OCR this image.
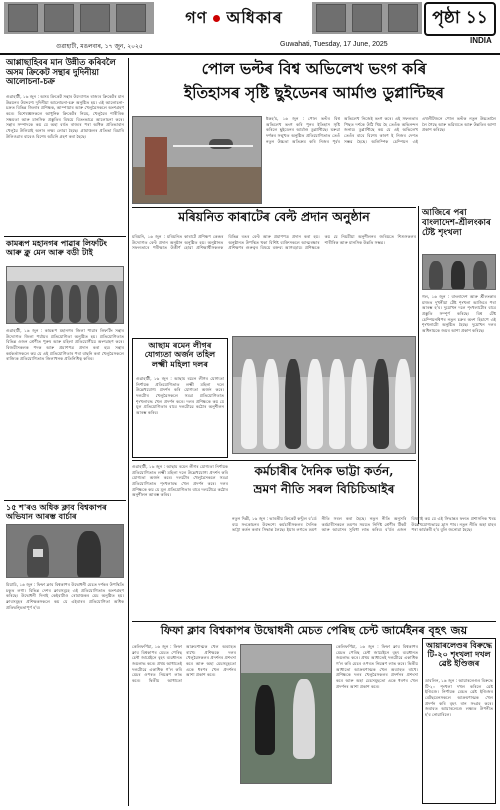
গণ অধিকাৰ	পৃষ্ঠা ১১
INDIA
গুৱাহাটী, মঙলবাৰ, ১৭ জুন, ২০২৫	Guwahati, Tuesday, 17 June, 2025
আপ্পাছাহিবৰ মান উন্নীত কৰিবলৈ অসম ক্ৰিকেট সন্থাৰ দুদিনীয়া আলোচনা-চক্ৰ

গুৱাহাটী, ১৬ জুন : অসম ক্ৰিকেট সন্থাৰ উদ্যোগত ৰাজ্যৰ ক্ৰিকেটৰ মান উন্নয়নৰ উদ্দেশ্যে দুদিনীয়া আলোচনা-চক্ৰ অনুষ্ঠিত হয়। এই আলোচনা-চক্ৰত বিভিন্ন জিলাৰ প্ৰশিক্ষক, আম্পায়াৰ আৰু খেলুৱৈসকলে অংশগ্ৰহণ কৰে। বিশেষজ্ঞসকলে আধুনিক ক্ৰিকেটৰ নিয়ম, খেলুৱৈৰ শাৰীৰিক সক্ষমতা আৰু মানসিক প্ৰস্তুতিৰ বিষয়ে বিতংভাৱে আলোচনা কৰে। সন্থাৰ সম্পাদকে কয় যে অহা বৰ্ষত ৰাজ্যৰ পৰা অধিক প্ৰতিভাবান খেলুৱৈ উলিয়াই অনাৰ লক্ষ্য লোৱা হৈছে। গ্ৰামাঞ্চলৰ প্ৰতিভা বিচাৰি উলিওৱাৰ বাবেও বিশেষ আঁচনি গ্ৰহণ কৰা হৈছে।

কামৰূপ মহানগৰ পাৱাৰ লিফটিং আৰু ক্লু মেন আৰু বডী টাই

গুৱাহাটী, ১৬ জুন : কামৰূপ মহানগৰ জিলা পাৱাৰ লিফটিং সন্থাৰ উদ্যোগত জিলা পৰ্যায়ৰ প্ৰতিযোগিতা অনুষ্ঠিত হয়। প্ৰতিযোগিতাত বিভিন্ন ওজন শ্ৰেণীত পুৰুষ আৰু মহিলা প্ৰতিযোগীয়ে অংশগ্ৰহণ কৰে। বিজয়ীসকলক পদক আৰু প্ৰমাণপত্ৰ প্ৰদান কৰা হয়। সন্থাৰ কৰ্মকৰ্তাসকলে কয় যে এই প্ৰতিযোগিতাৰ পৰা বাছনি কৰা খেলুৱৈসকলে ৰাজ্যিক প্ৰতিযোগিতাত জিলাখনক প্ৰতিনিধিত্ব কৰিব।

১৫ শ'ৰও অধিক ক্লাব বিশ্বকাপৰ অভিযান আৰম্ভ বাৰ্চাৰ

মিয়ামি, ১৬ জুন : ফিফা ক্লাব বিশ্বকাপৰ উদ্বোধনী মেচত দৰ্শকৰ উপস্থিতি চকুত লগা। বিভিন্ন দেশৰ ক্লাবসমূহে এই প্ৰতিযোগিতাত অংশগ্ৰহণ কৰিছে। উদ্বোধনী দিনাই কেইবাটাও ৰোমাঞ্চকৰ মেচ অনুষ্ঠিত হয়। ক্লাবসমূহৰ প্ৰশিক্ষকসকলে কয় যে এইবাৰৰ প্ৰতিযোগিতা অধিক প্ৰতিদ্বন্দ্বিতাপূৰ্ণ হ'ব।

পোল ভল্টৰ বিশ্ব অভিলেখ ভংগ কৰি
ইতিহাসৰ সৃষ্টি ছুইডেনৰ আৰ্মাণ্ড ডুপ্লান্টিছৰ

ষ্টকহ'ম, ১৬ জুন : পোল ভল্টৰ বিশ্ব অভিলেখ ভংগ কৰি পুনৰ ইতিহাস সৃষ্টি কৰিলে ছুইডেনৰ আৰ্মাণ্ড ডুপ্লান্টিছে। ঘৰুৱা দৰ্শকৰ সন্মুখত অনুষ্ঠিত প্ৰতিযোগিতাত তেওঁ নতুন উচ্চতা অতিক্ৰম কৰি নিজৰ পূৰ্বৰ অভিলেখ নিজেই ভংগ কৰে। এই সফলতাৰ পিছত দৰ্শকে উঠি থিয় হৈ তেওঁক অভিনন্দন জনায়। ডুপ্লান্টিছে কয় যে এই অভিলেখ তেওঁৰ বাবে বিশেষ কাৰণ ই নিজৰ দেশত সম্ভৱ হৈছে। অলিম্পিক চেম্পিয়ন এই এথলীটজনে পোল ভল্টক নতুন উচ্চতালৈ লৈ গৈছে আৰু ভৱিষ্যতে আৰু উন্নতিৰ আশা প্ৰকাশ কৰিছে।

আজিৰে পৰা বাংলাদেশ-শ্ৰীলংকাৰ টেষ্ট শৃংখলা

গল, ১৬ জুন : বাংলাদেশ আৰু শ্ৰীলংকাৰ মাজত দুখনীয়া টেষ্ট শৃংখলা আজিৰে পৰা আৰম্ভ হ'ব। দুয়োখন দলে শৃংখলাটোৰ বাবে প্ৰস্তুতি সম্পূৰ্ণ কৰিছে। বিশ্ব টেষ্ট চেম্পিয়নশ্বিপৰ নতুন চক্ৰৰ অংশ হিচাপে এই শৃংখলাটো অনুষ্ঠিত হৈছে। দুয়োখন দলৰ অধিনায়কে জয়ৰ আশা প্ৰকাশ কৰিছে।

মৰিয়নিত কাৰাটেৰ বেল্ট প্ৰদান অনুষ্ঠান

মৰিয়নি, ১৬ জুন : মৰিয়নিত কাৰাটে প্ৰশিক্ষণ কেন্দ্ৰৰ উদ্যোগত বেল্ট প্ৰদান অনুষ্ঠান অনুষ্ঠিত হয়। অনুষ্ঠানত সফলতাৰে পৰীক্ষাত উত্তীৰ্ণ হোৱা প্ৰশিক্ষাৰ্থীসকলক বিভিন্ন ৰঙৰ বেল্ট আৰু প্ৰমাণপত্ৰ প্ৰদান কৰা হয়। অনুষ্ঠানত উপস্থিত থকা বিশিষ্ট ব্যক্তিসকলে আত্মৰক্ষাৰ প্ৰশিক্ষণৰ গুৰুত্বৰ বিষয়ে বক্তব্য আগবঢ়ায়। প্ৰশিক্ষকে কয় যে নিয়মীয়া অনুশীলনৰ জৰিয়তে শিশুসকলৰ শাৰীৰিক আৰু মানসিক উন্নতি সম্ভৱ।

আছাম ৰমেন লীগৰ যোগ্যতা অৰ্জন তহিল লক্ষ্মী মহিলা দলৰ

গুৱাহাটী, ১৬ জুন : আছাম ৰমেন লীগৰ যোগ্যতা নিৰ্ণায়ক প্ৰতিযোগিতাত লক্ষ্মী মহিলা দলে উল্লেখযোগ্য প্ৰদৰ্শন কৰি যোগ্যতা অৰ্জন কৰে। দলটোৰ খেলুৱৈসকলে সমগ্ৰ প্ৰতিযোগিতাত শৃংখলাবদ্ধ খেল প্ৰদৰ্শন কৰে। দলৰ প্ৰশিক্ষকে কয় যে মূল প্ৰতিযোগিতাৰ বাবে দলটোৱে কঠোৰ অনুশীলন আৰম্ভ কৰিব।

কৰ্মচাৰীৰ দৈনিক ভাট্টা কৰ্তন,
ভ্ৰমণ নীতি সৰল বিচিচিআইৰ

নতুন দিল্লী, ১৬ জুন : ভাৰতীয় ক্ৰিকেট কণ্ট্ৰল ব'ৰ্ডে ব্যয় সংকোচনৰ উদ্দেশ্যে কৰ্মচাৰীসকলৰ দৈনিক ভাট্টা কৰ্তন কৰাৰ সিদ্ধান্ত লৈছে। ইয়াৰ লগতে ভ্ৰমণ নীতি সৰল কৰা হৈছে। নতুন নীতি অনুসৰি কৰ্মচাৰীসকলে ভ্ৰমণৰ সময়ত নিৰ্দিষ্ট শ্ৰেণীৰ টিকট আৰু আৱাসৰ সুবিধা লাভ কৰিব। ব'ৰ্ডৰ এজন বিষয়াই কয় যে এই সিদ্ধান্তৰ ফলত প্ৰশাসনিক খৰচ উল্লেখযোগ্যভাৱে হ্ৰাস পাব। নতুন নীতি অহা মাহৰ পৰা কাৰ্যকৰী হ'ব বুলি জনোৱা হৈছে।

গুৱাহাটী, ১৬ জুন : আছাম ৰমেন লীগৰ যোগ্যতা নিৰ্ণায়ক প্ৰতিযোগিতাত লক্ষ্মী মহিলা দলে উল্লেখযোগ্য প্ৰদৰ্শন কৰি যোগ্যতা অৰ্জন কৰে। দলটোৰ খেলুৱৈসকলে সমগ্ৰ প্ৰতিযোগিতাত শৃংখলাবদ্ধ খেল প্ৰদৰ্শন কৰে। দলৰ প্ৰশিক্ষকে কয় যে মূল প্ৰতিযোগিতাৰ বাবে দলটোৱে কঠোৰ অনুশীলন আৰম্ভ কৰিব।

ফিফা ক্লাব বিশ্বকাপৰ উদ্বোধনী মেচত পেৰিছ চেন্ট জাৰ্মেইনৰ বৃহৎ জয়

কেলিফৰ্ণিয়া, ১৬ জুন : ফিফা ক্লাব বিশ্বকাপৰ মেচত পেৰিছ চেন্ট জাৰ্মেইনে বৃহৎ ব্যৱধানত জয়লাভ কৰে। প্ৰথম আধাতেই দলটোৱে একাধিক গ'ল কৰি মেচৰ ওপৰত নিয়ন্ত্ৰণ লাভ কৰে। দ্বিতীয় আধাতো আক্ৰমণাত্মক খেল অব্যাহত ৰাখে। প্ৰশিক্ষকে দলৰ খেলুৱৈসকলৰ প্ৰদৰ্শনৰ প্ৰশংসা কৰে আৰু অহা মেচসমূহতো একে ধৰণৰ খেল প্ৰদৰ্শনৰ আশা প্ৰকাশ কৰে।

কেলিফৰ্ণিয়া, ১৬ জুন : ফিফা ক্লাব বিশ্বকাপৰ মেচত পেৰিছ চেন্ট জাৰ্মেইনে বৃহৎ ব্যৱধানত জয়লাভ কৰে। প্ৰথম আধাতেই দলটোৱে একাধিক গ'ল কৰি মেচৰ ওপৰত নিয়ন্ত্ৰণ লাভ কৰে। দ্বিতীয় আধাতো আক্ৰমণাত্মক খেল অব্যাহত ৰাখে। প্ৰশিক্ষকে দলৰ খেলুৱৈসকলৰ প্ৰদৰ্শনৰ প্ৰশংসা কৰে আৰু অহা মেচসমূহতো একে ধৰণৰ খেল প্ৰদৰ্শনৰ আশা প্ৰকাশ কৰে।

আয়াৰলেণ্ডৰ বিৰুদ্ধে টি-২০ শৃংখলা দখল ৱেষ্ট ইণ্ডিজৰ

ডাবলিন, ১৬ জুন : আয়াৰলেণ্ডৰ বিৰুদ্ধে টি-২০ শৃংখলা দখল কৰিলে ৱেষ্ট ইণ্ডিজে। নিৰ্ণায়ক মেচত ৱেষ্ট ইণ্ডিজৰ বেটছমেনসকলে আক্ৰমণাত্মক খেল প্ৰদৰ্শন কৰি বৃহৎ ৰান সংগ্ৰহ কৰে। জবাবত আয়াৰলেণ্ডে লক্ষ্যত উপনীত হ'ব নোৱাৰিলে।
